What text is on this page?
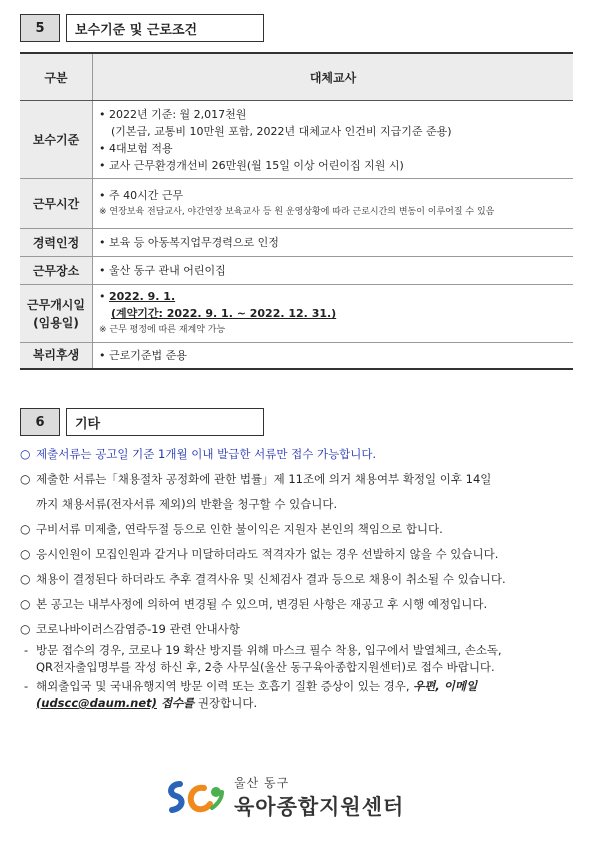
5	보수기준 및 근로조건
구분	대체교사
보수기준	• 2022년 기준: 월 2,017천원
(기본급, 교통비 10만원 포함, 2022년 대체교사 인건비 지급기준 준용)
• 4대보험 적용
• 교사 근무환경개선비 26만원(월 15일 이상 어린이집 지원 시)

근무시간	• 주 40시간 근무
※ 연장보육 전담교사, 야간연장 보육교사 등 원 운영상황에 따라 근로시간의 변동이 이루어질 수 있음

경력인정	• 보육 등 아동복지업무경력으로 인정
근무장소	• 울산 동구 관내 어린이집

근무개시일
(임용일)	• 2022. 9. 1.
(계약기간: 2022. 9. 1. ~ 2022. 12. 31.)
※ 근무 평정에 따른 재계약 가능

복리후생	• 근로기준법 준용
6	기타
○ 제출서류는 공고일 기준 1개월 이내 발급한 서류만 접수 가능합니다.
○ 제출한 서류는「채용절차 공정화에 관한 법률」제 11조에 의거 채용여부 확정일 이후 14일
까지 채용서류(전자서류 제외)의 반환을 청구할 수 있습니다.
○ 구비서류 미제출, 연락두절 등으로 인한 불이익은 지원자 본인의 책임으로 합니다.
○ 응시인원이 모집인원과 같거나 미달하더라도 적격자가 없는 경우 선발하지 않을 수 있습니다.
○ 채용이 결정된다 하더라도 추후 결격사유 및 신체검사 결과 등으로 채용이 취소될 수 있습니다.
○ 본 공고는 내부사정에 의하여 변경될 수 있으며, 변경된 사항은 재공고 후 시행 예정입니다.
○ 코로나바이러스감염증-19 관련 안내사항
- 방문 접수의 경우, 코로나 19 확산 방지를 위해 마스크 필수 착용, 입구에서 발열체크, 손소독,
QR전자출입명부를 작성 하신 후, 2층 사무실(울산 동구육아종합지원센터)로 접수 바랍니다.
- 해외출입국 및 국내유행지역 방문 이력 또는 호흡기 질환 증상이 있는 경우, 우편, 이메일
(udscc@daum.net) 접수를 권장합니다.
울산 동구
육아종합지원센터
